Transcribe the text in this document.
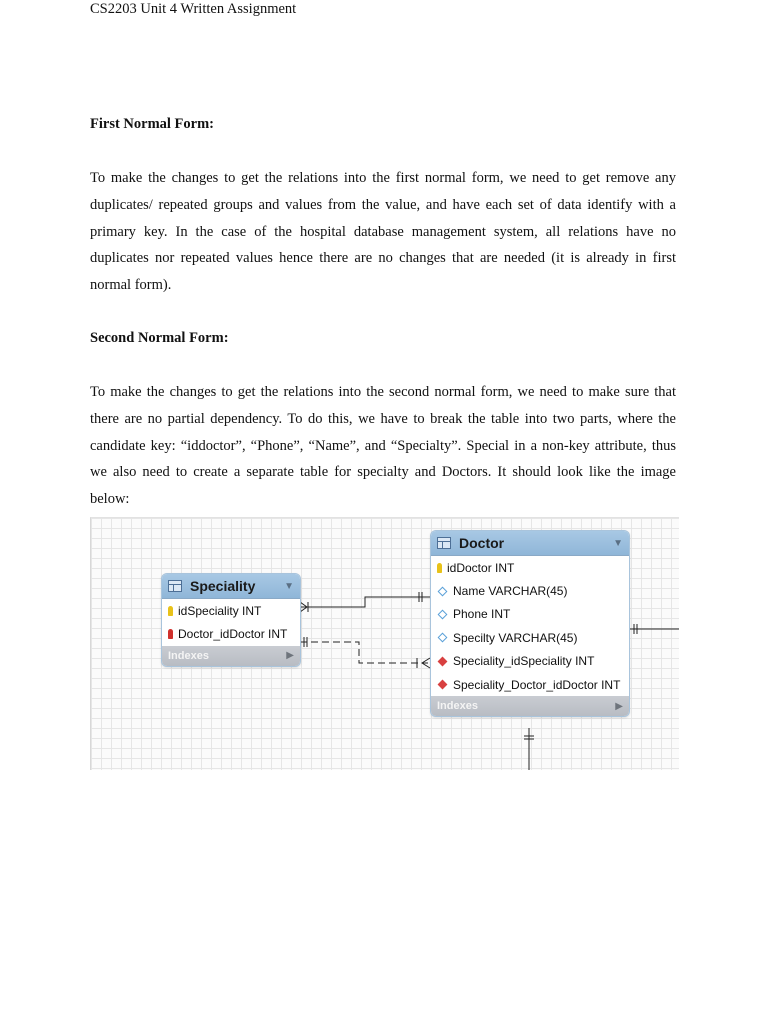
CS2203 Unit 4 Written Assignment
First Normal Form:

To make the changes to get the relations into the first normal form, we need to get remove any
duplicates/ repeated groups and values from the value, and have each set of data identify with a
primary key. In the case of the hospital database management system, all relations have no
duplicates nor repeated values hence there are no changes that are needed (it is already in first
normal form).

Second Normal Form:

To make the changes to get the relations into the second normal form, we need to make sure that
there are no partial dependency. To do this, we have to break the table into two parts, where the
candidate key: “iddoctor”, “Phone”, “Name”, and “Specialty”. Special in a non-key attribute, thus
we also need to create a separate table for specialty and Doctors. It should look like the image
below:

Speciality	▼
idSpeciality INT
Doctor_idDoctor INT
Indexes	▶
Doctor	▼
idDoctor INT
Name VARCHAR(45)
Phone INT
Specilty VARCHAR(45)
Speciality_idSpeciality INT
Speciality_Doctor_idDoctor INT
Indexes	▶
